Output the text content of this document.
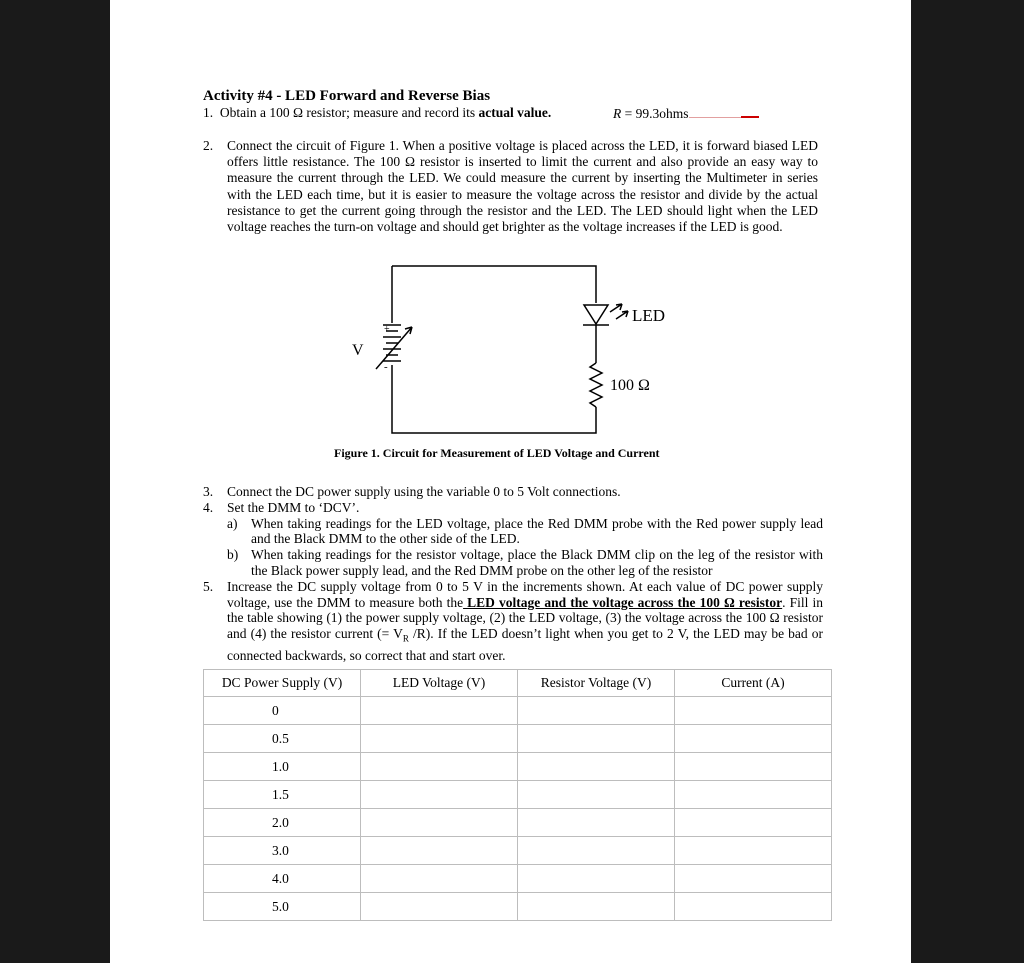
Activity #4 - LED Forward and Reverse Bias
1. Obtain a 100 Ω resistor; measure and record its actual value.	R = 99.3ohms
2. Connect the circuit of Figure 1. When a positive voltage is placed across the LED, it is forward biased LED offers little resistance. The 100 Ω resistor is inserted to limit the current and also provide an easy way to measure the current through the LED. We could measure the current by inserting the Multimeter in series with the LED each time, but it is easier to measure the voltage across the resistor and divide by the actual resistance to get the current going through the resistor and the LED. The LED should light when the LED voltage reaches the turn-on voltage and should get brighter as the voltage increases if the LED is good.
+
-
V
LED
100 Ω
Figure 1. Circuit for Measurement of LED Voltage and Current
3. Connect the DC power supply using the variable 0 to 5 Volt connections.
4. Set the DMM to ‘DCV’.
a) When taking readings for the LED voltage, place the Red DMM probe with the Red power supply lead and the Black DMM to the other side of the LED.
b) When taking readings for the resistor voltage, place the Black DMM clip on the leg of the resistor with the Black power supply lead, and the Red DMM probe on the other leg of the resistor
5. Increase the DC supply voltage from 0 to 5 V in the increments shown. At each value of DC power supply voltage, use the DMM to measure both the LED voltage and the voltage across the 100 Ω resistor. Fill in the table showing (1) the power supply voltage, (2) the LED voltage, (3) the voltage across the 100 Ω resistor and (4) the resistor current (= $V_R$ /R). If the LED doesn’t light when you get to 2 V, the LED may be bad or connected backwards, so correct that and start over.
DC Power Supply (V)	LED Voltage (V)	Resistor Voltage (V)	Current (A)
0			
0.5			
1.0			
1.5			
2.0			
3.0			
4.0			
5.0			
